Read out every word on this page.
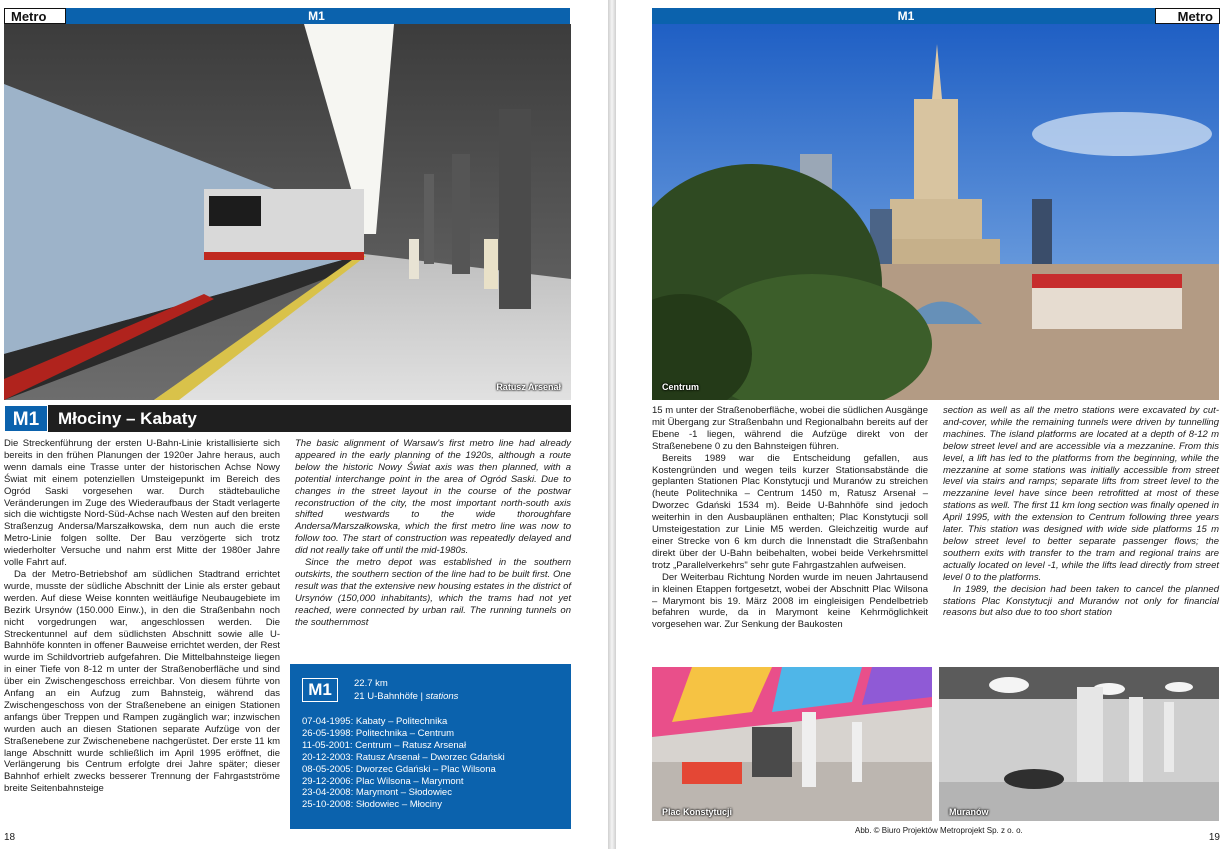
M1
Metro
Ratusz Arsenał
M1	Młociny – Kabaty

Die Streckenführung der ersten U-Bahn-Linie kristallisierte sich bereits in den frühen Planungen der 1920er Jahre heraus, auch wenn damals eine Trasse unter der historischen Achse Nowy Świat mit einem potenziellen Umsteigepunkt im Bereich des Ogród Saski vorgesehen war. Durch städtebauliche Veränderungen im Zuge des Wiederaufbaus der Stadt verlagerte sich die wichtigste Nord-Süd-Achse nach Westen auf den breiten Straßenzug Andersa/Marszałkowska, dem nun auch die erste Metro-Linie folgen sollte. Der Bau verzögerte sich trotz wiederholter Versuche und nahm erst Mitte der 1980er Jahre volle Fahrt auf.

Da der Metro-Betriebshof am südlichen Stadtrand errichtet wurde, musste der südliche Abschnitt der Linie als erster gebaut werden. Auf diese Weise konnten weitläufige Neubaugebiete im Bezirk Ursynów (150.000 Einw.), in den die Straßenbahn noch nicht vorgedrungen war, angeschlossen werden. Die Streckentunnel auf dem südlichsten Abschnitt sowie alle U-Bahnhöfe konnten in offener Bauweise errichtet werden, der Rest wurde im Schildvortrieb aufgefahren. Die Mittelbahnsteige liegen in einer Tiefe von 8-12 m unter der Straßenoberfläche und sind über ein Zwischengeschoss erreichbar. Von diesem führte von Anfang an ein Aufzug zum Bahnsteig, während das Zwischengeschoss von der Straßenebene an einigen Stationen anfangs über Treppen und Rampen zugänglich war; inzwischen wurden auch an diesen Stationen separate Aufzüge von der Straßenebene zur Zwischenebene nachgerüstet. Der erste 11 km lange Abschnitt wurde schließlich im April 1995 eröffnet, die Verlängerung bis Centrum erfolgte drei Jahre später; dieser Bahnhof erhielt zwecks besserer Trennung der Fahrgastströme breite Seitenbahnsteige

The basic alignment of Warsaw's first metro line had already appeared in the early planning of the 1920s, although a route below the historic Nowy Świat axis was then planned, with a potential interchange point in the area of Ogród Saski. Due to changes in the street layout in the course of the postwar reconstruction of the city, the most important north-south axis shifted westwards to the wide thoroughfare Andersa/Marszałkowska, which the first metro line was now to follow too. The start of construction was repeatedly delayed and did not really take off until the mid-1980s.

Since the metro depot was established in the southern outskirts, the southern section of the line had to be built first. One result was that the extensive new housing estates in the district of Ursynów (150,000 inhabitants), which the trams had not yet reached, were connected by urban rail. The running tunnels on the southernmost

M1	22.7 km
21 U-Bahnhöfe | stations
07-04-1995: Kabaty – Politechnika
26-05-1998: Politechnika – Centrum
11-05-2001: Centrum – Ratusz Arsenał
20-12-2003: Ratusz Arsenał – Dworzec Gdański
08-05-2005: Dworzec Gdański – Plac Wilsona
29-12-2006: Plac Wilsona – Marymont
23-04-2008: Marymont – Słodowiec
25-10-2008: Słodowiec – Młociny
18
M1	Metro
Centrum

15 m unter der Straßenoberfläche, wobei die südlichen Ausgänge mit Übergang zur Straßenbahn und Regionalbahn bereits auf der Ebene -1 liegen, während die Aufzüge direkt von der Straßenebene 0 zu den Bahnsteigen führen.

Bereits 1989 war die Entscheidung gefallen, aus Kostengründen und wegen teils kurzer Stationsabstände die geplanten Stationen Plac Konstytucji und Muranów zu streichen (heute Politechnika – Centrum 1450 m, Ratusz Arsenał – Dworzec Gdański 1534 m). Beide U-Bahnhöfe sind jedoch weiterhin in den Ausbauplänen enthalten; Plac Konstytucji soll Umsteigestation zur Linie M5 werden. Gleichzeitig wurde auf einer Strecke von 6 km durch die Innenstadt die Straßenbahn direkt über der U-Bahn beibehalten, wobei beide Verkehrsmittel trotz „Parallelverkehrs" sehr gute Fahrgastzahlen aufweisen.

Der Weiterbau Richtung Norden wurde im neuen Jahrtausend in kleinen Etappen fortgesetzt, wobei der Abschnitt Plac Wilsona – Marymont bis 19. März 2008 im eingleisigen Pendelbetrieb befahren wurde, da in Marymont keine Kehrmöglichkeit vorgesehen war. Zur Senkung der Baukosten

section as well as all the metro stations were excavated by cut-and-cover, while the remaining tunnels were driven by tunnelling machines. The island platforms are located at a depth of 8-12 m below street level and are accessible via a mezzanine. From this level, a lift has led to the platforms from the beginning, while the mezzanine at some stations was initially accessible from street level via stairs and ramps; separate lifts from street level to the mezzanine level have since been retrofitted at most of these stations as well. The first 11 km long section was finally opened in April 1995, with the extension to Centrum following three years later. This station was designed with wide side platforms 15 m below street level to better separate passenger flows; the southern exits with transfer to the tram and regional trains are actually located on level -1, while the lifts lead directly from street level 0 to the platforms.

In 1989, the decision had been taken to cancel the planned stations Plac Konstytucji and Muranów not only for financial reasons but also due to too short station

Plac Konstytucji	Muranów
Abb. © Biuro Projektów Metroprojekt Sp. z o. o.
19
